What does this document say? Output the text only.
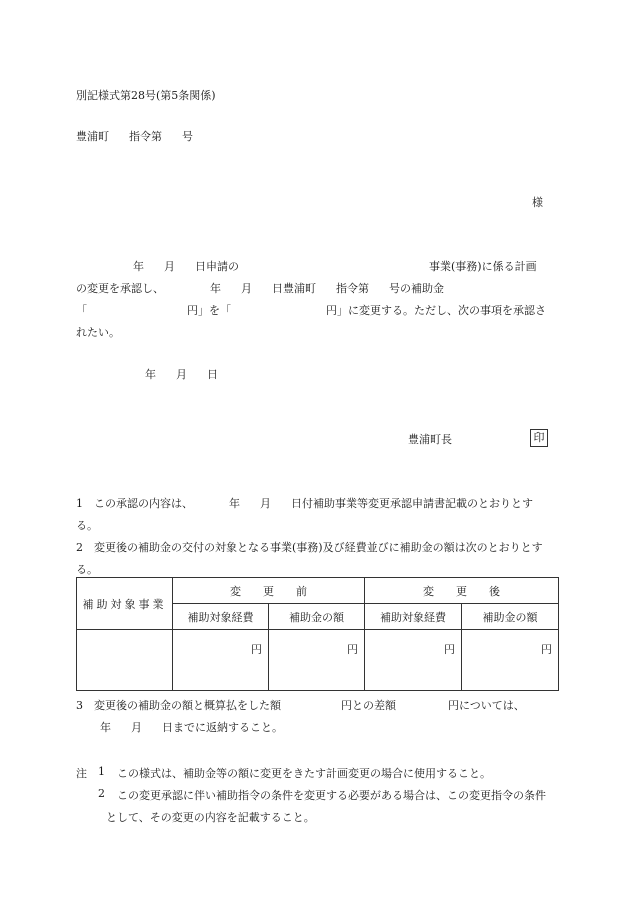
別記様式第28号(第5条関係)
豊浦町 指令第 号
様
年 月 日申請の	事業(事務)に係る計画
の変更を承認し、	年 月 日豊浦町 指令第 号の補助金
「	円」を「	円」に変更する。ただし、次の事項を承認さ
れたい。
年 月 日
豊浦町長	印
1　この承認の内容は、	年 月 日付補助事業等変更承認申請書記載のとおりとす
る。
2　変更後の補助金の交付の対象となる事業(事務)及び経費並びに補助金の額は次のとおりとす
る。
補助対象事業	変　　更　　前		変　　更　　後	
	補助対象経費	補助金の額	補助対象経費	補助金の額
	円	円	円	円
3　変更後の補助金の額と概算払をした額	円との差額	円については、
年 月 日までに返納すること。
注 1 この様式は、補助金等の額に変更をきたす計画変更の場合に使用すること。
2 この変更承認に伴い補助指令の条件を変更する必要がある場合は、この変更指令の条件
として、その変更の内容を記載すること。
